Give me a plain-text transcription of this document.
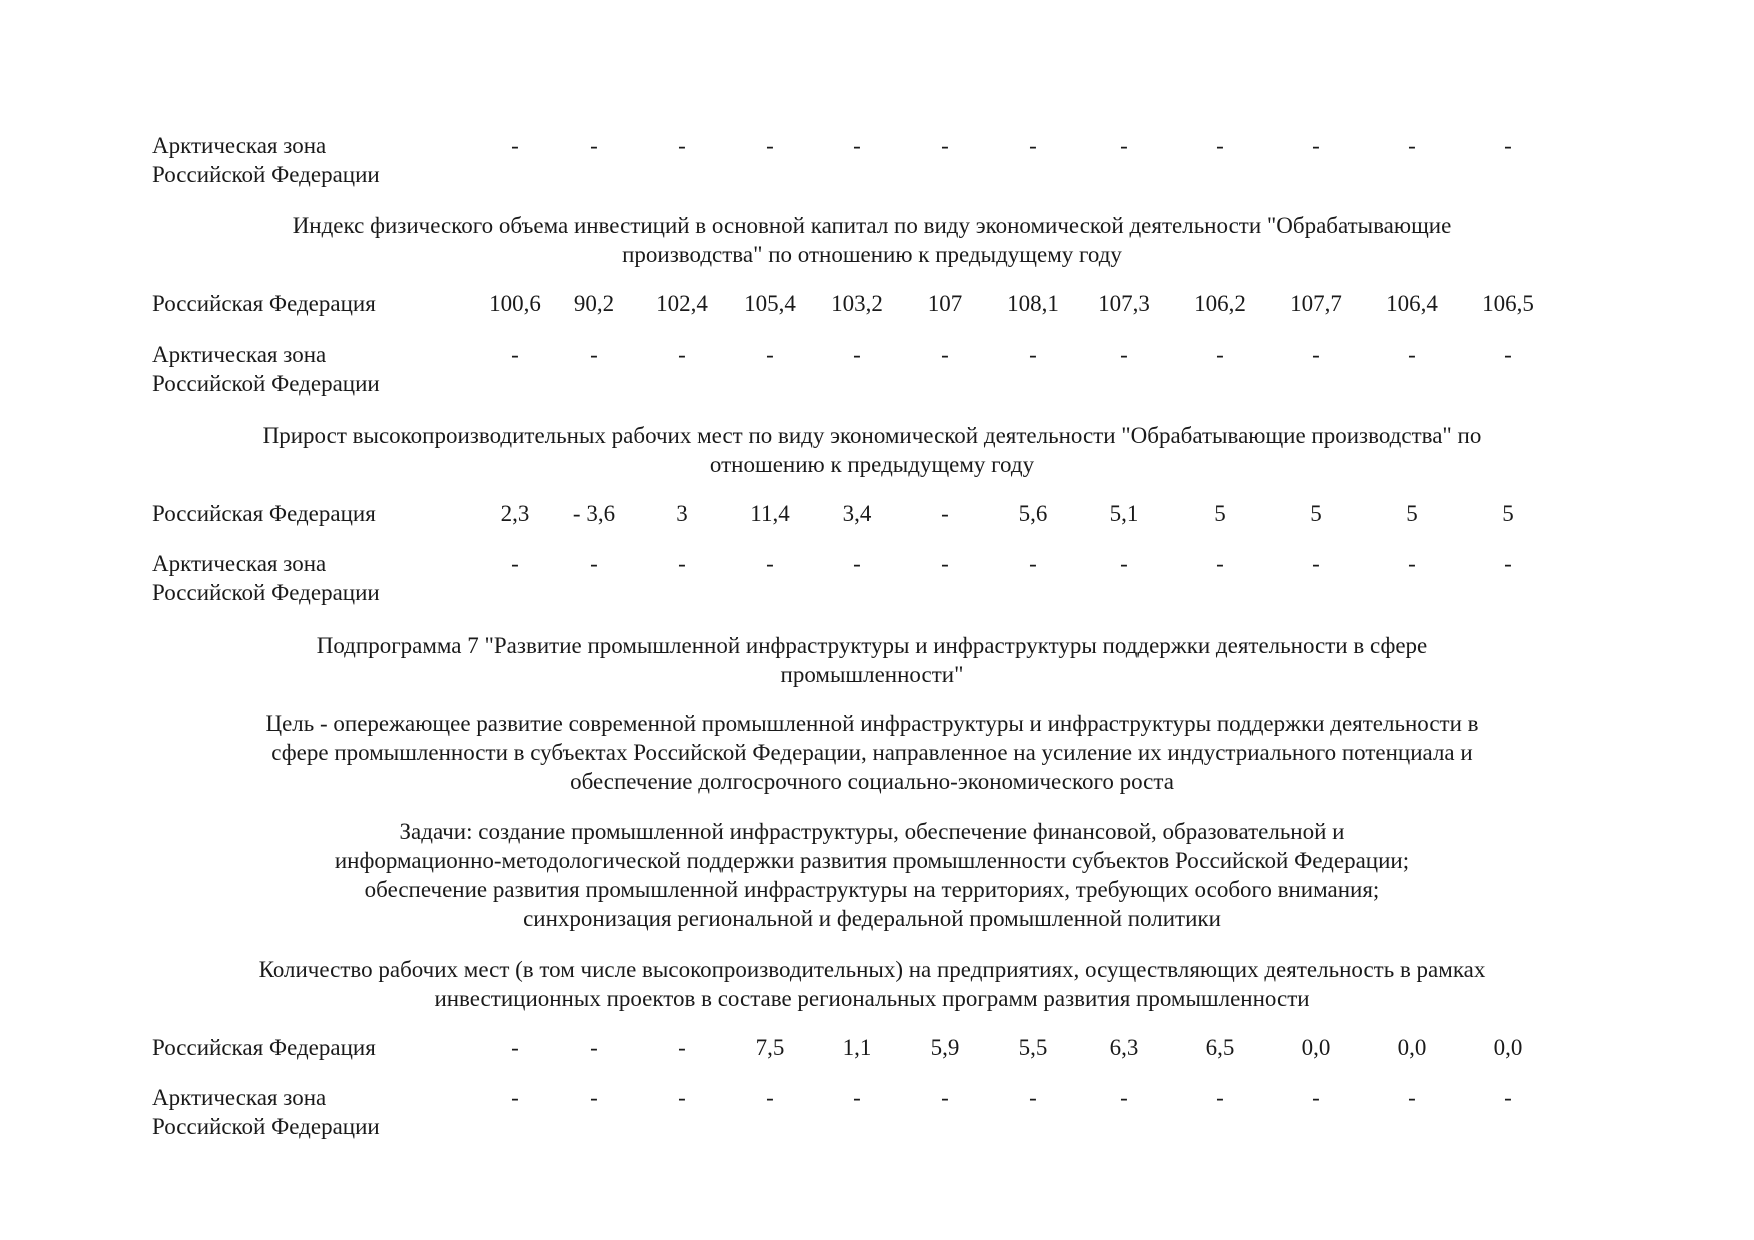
Арктическая зона
Российской Федерации
-	-	-	-	-	-	-	-	-	-	-	-
Индекс физического объема инвестиций в основной капитал по виду экономической деятельности "Обрабатывающие
производства" по отношению к предыдущему году
Российская Федерация	100,6	90,2	102,4	105,4	103,2	107	108,1	107,3	106,2	107,7	106,4	106,5
Арктическая зона
Российской Федерации
-	-	-	-	-	-	-	-	-	-	-	-
Прирост высокопроизводительных рабочих мест по виду экономической деятельности "Обрабатывающие производства" по
отношению к предыдущему году
Российская Федерация	2,3	- 3,6	3	11,4	3,4	-	5,6	5,1	5	5	5	5
Арктическая зона
Российской Федерации
-	-	-	-	-	-	-	-	-	-	-	-
Подпрограмма 7 "Развитие промышленной инфраструктуры и инфраструктуры поддержки деятельности в сфере
промышленности"
Цель - опережающее развитие современной промышленной инфраструктуры и инфраструктуры поддержки деятельности в
сфере промышленности в субъектах Российской Федерации, направленное на усиление их индустриального потенциала и
обеспечение долгосрочного социально-экономического роста
Задачи: создание промышленной инфраструктуры, обеспечение финансовой, образовательной и
информационно-методологической поддержки развития промышленности субъектов Российской Федерации;
обеспечение развития промышленной инфраструктуры на территориях, требующих особого внимания;
синхронизация региональной и федеральной промышленной политики
Количество рабочих мест (в том числе высокопроизводительных) на предприятиях, осуществляющих деятельность в рамках
инвестиционных проектов в составе региональных программ развития промышленности
Российская Федерация	-	-	-	7,5	1,1	5,9	5,5	6,3	6,5	0,0	0,0	0,0
Арктическая зона
Российской Федерации
-	-	-	-	-	-	-	-	-	-	-	-
